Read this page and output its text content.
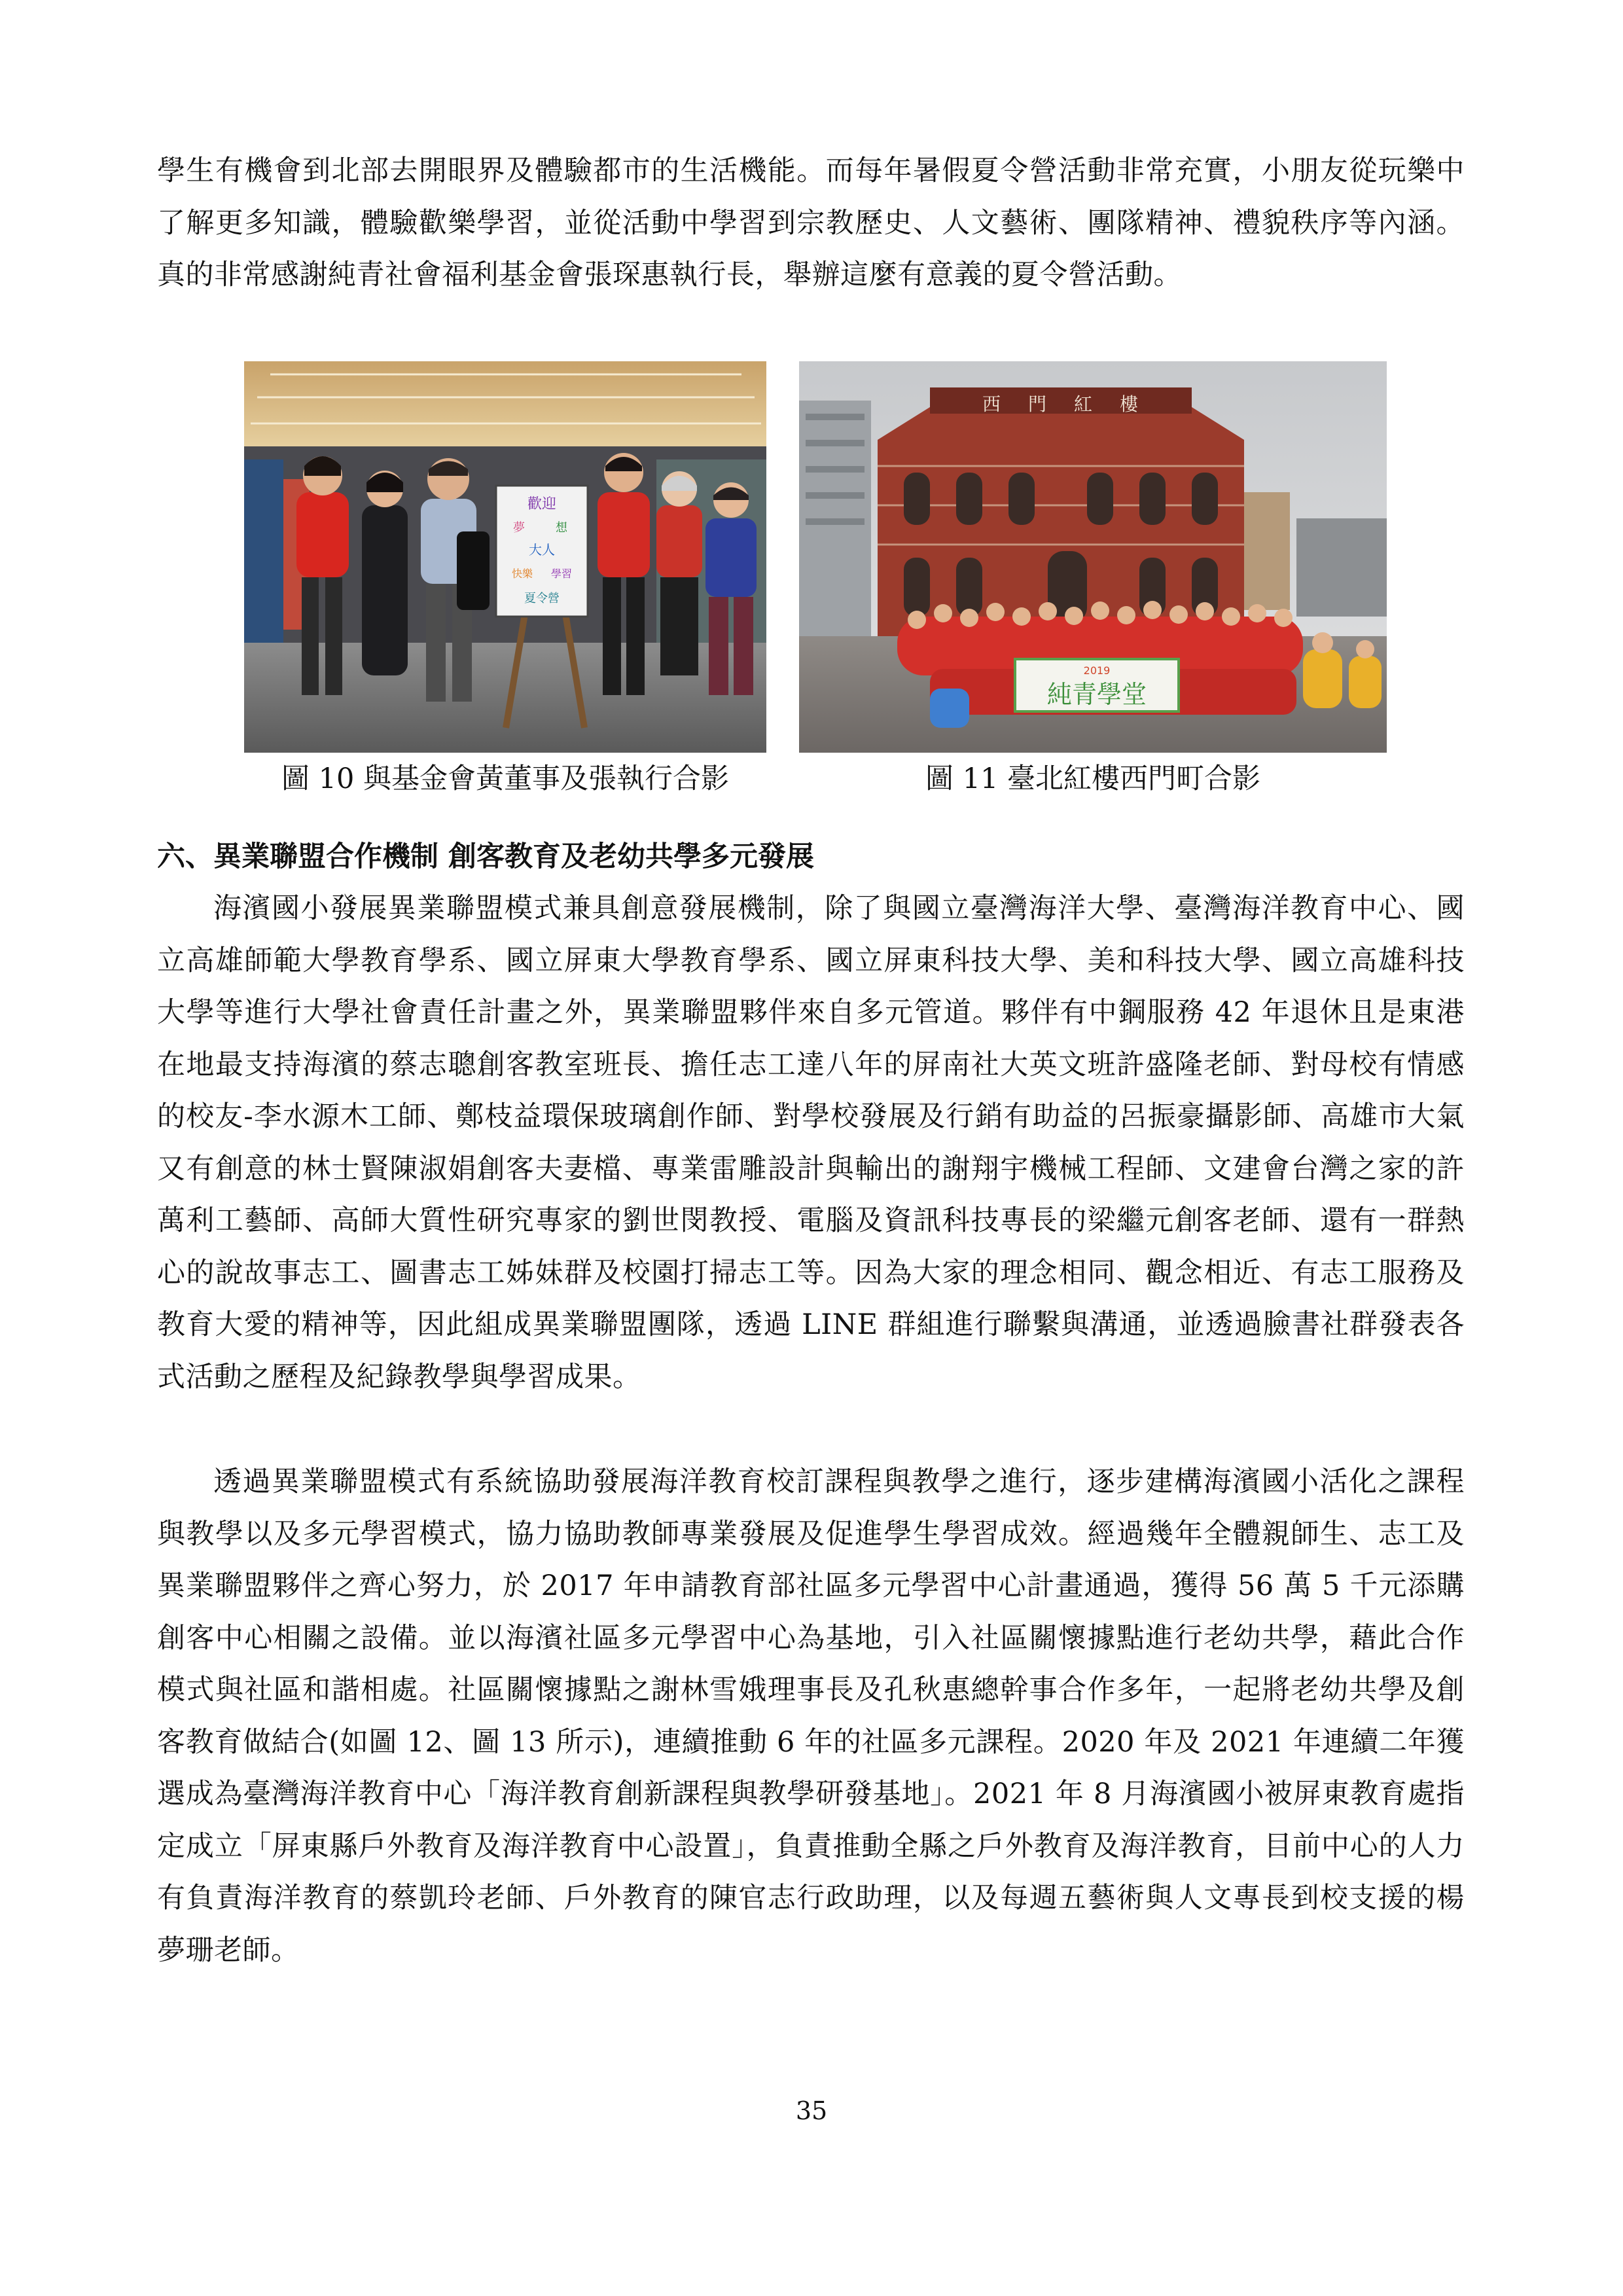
學生有機會到北部去開眼界及體驗都市的生活機能。而每年暑假夏令營活動非常充實，小朋友從玩樂中了解更多知識，體驗歡樂學習，並從活動中學習到宗教歷史、人文藝術、團隊精神、禮貌秩序等內涵。真的非常感謝純青社會福利基金會張琛惠執行長，舉辦這麼有意義的夏令營活動。

歡迎
夢	想
大人
快樂 學習
夏令營
西 門 紅 樓
2019
純青學堂

圖 10 與基金會黃董事及張執行合影	圖 11 臺北紅樓西門町合影

六、異業聯盟合作機制 創客教育及老幼共學多元發展

海濱國小發展異業聯盟模式兼具創意發展機制，除了與國立臺灣海洋大學、臺灣海洋教育中心、國立高雄師範大學教育學系、國立屏東大學教育學系、國立屏東科技大學、美和科技大學、國立高雄科技大學等進行大學社會責任計畫之外，異業聯盟夥伴來自多元管道。夥伴有中鋼服務 42 年退休且是東港在地最支持海濱的蔡志聰創客教室班長、擔任志工達八年的屏南社大英文班許盛隆老師、對母校有情感的校友-李水源木工師、鄭枝益環保玻璃創作師、對學校發展及行銷有助益的呂振豪攝影師、高雄市大氣又有創意的林士賢陳淑娟創客夫妻檔、專業雷雕設計與輸出的謝翔宇機械工程師、文建會台灣之家的許萬利工藝師、高師大質性研究專家的劉世閔教授、電腦及資訊科技專長的梁繼元創客老師、還有一群熱心的說故事志工、圖書志工姊妹群及校園打掃志工等。因為大家的理念相同、觀念相近、有志工服務及教育大愛的精神等，因此組成異業聯盟團隊，透過 LINE 群組進行聯繫與溝通，並透過臉書社群發表各式活動之歷程及紀錄教學與學習成果。

透過異業聯盟模式有系統協助發展海洋教育校訂課程與教學之進行，逐步建構海濱國小活化之課程與教學以及多元學習模式，協力協助教師專業發展及促進學生學習成效。經過幾年全體親師生、志工及異業聯盟夥伴之齊心努力，於 2017 年申請教育部社區多元學習中心計畫通過，獲得 56 萬 5 千元添購創客中心相關之設備。並以海濱社區多元學習中心為基地，引入社區關懷據點進行老幼共學，藉此合作模式與社區和諧相處。社區關懷據點之謝林雪娥理事長及孔秋惠總幹事合作多年，一起將老幼共學及創客教育做結合(如圖 12、圖 13 所示)，連續推動 6 年的社區多元課程。2020 年及 2021 年連續二年獲選成為臺灣海洋教育中心「海洋教育創新課程與教學研發基地」。2021 年 8 月海濱國小被屏東教育處指定成立「屏東縣戶外教育及海洋教育中心設置」，負責推動全縣之戶外教育及海洋教育，目前中心的人力有負責海洋教育的蔡凱玲老師、戶外教育的陳官志行政助理，以及每週五藝術與人文專長到校支援的楊夢珊老師。

35
